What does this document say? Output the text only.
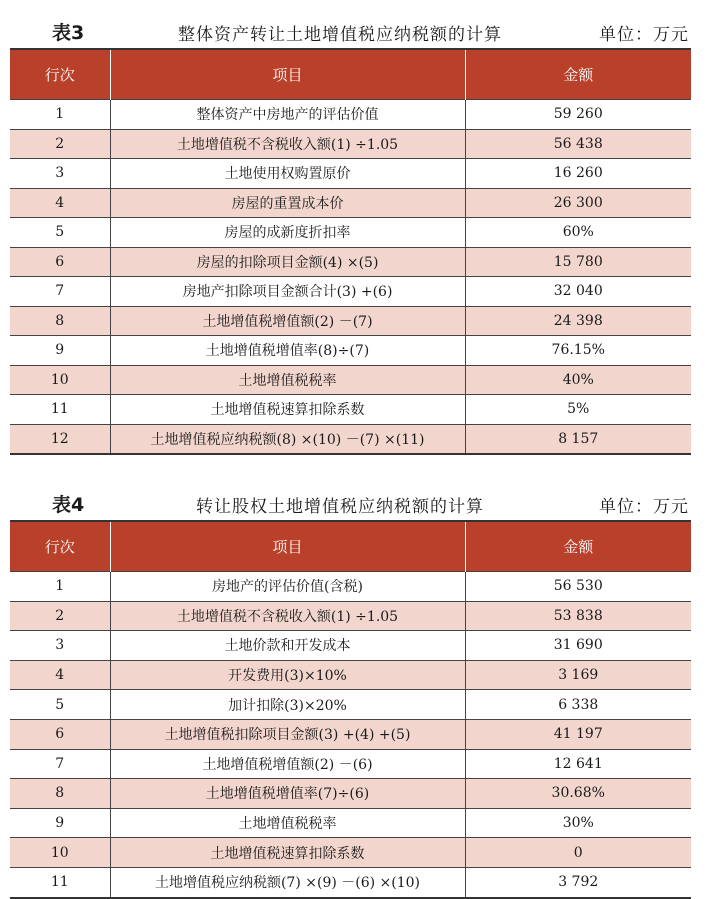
表3	整体资产转让土地增值税应纳税额的计算	单位：万元
行次	项目	金额
1	整体资产中房地产的评估价值	59 260
2	土地增值税不含税收入额(1) ÷1.05	56 438
3	土地使用权购置原价	16 260
4	房屋的重置成本价	26 300
5	房屋的成新度折扣率	60%
6	房屋的扣除项目金额(4) ×(5)	15 780
7	房地产扣除项目金额合计(3) +(6)	32 040
8	土地增值税增值额(2) －(7)	24 398
9	土地增值税增值率(8)÷(7)	76.15%
10	土地增值税税率	40%
11	土地增值税速算扣除系数	5%
12	土地增值税应纳税额(8) ×(10) －(7) ×(11)	8 157
表4	转让股权土地增值税应纳税额的计算	单位：万元
行次	项目	金额
1	房地产的评估价值(含税)	56 530
2	土地增值税不含税收入额(1) ÷1.05	53 838
3	土地价款和开发成本	31 690
4	开发费用(3)×10%	3 169
5	加计扣除(3)×20%	6 338
6	土地增值税扣除项目金额(3) +(4) +(5)	41 197
7	土地增值税增值额(2) －(6)	12 641
8	土地增值税增值率(7)÷(6)	30.68%
9	土地增值税税率	30%
10	土地增值税速算扣除系数	0
11	土地增值税应纳税额(7) ×(9) －(6) ×(10)	3 792
